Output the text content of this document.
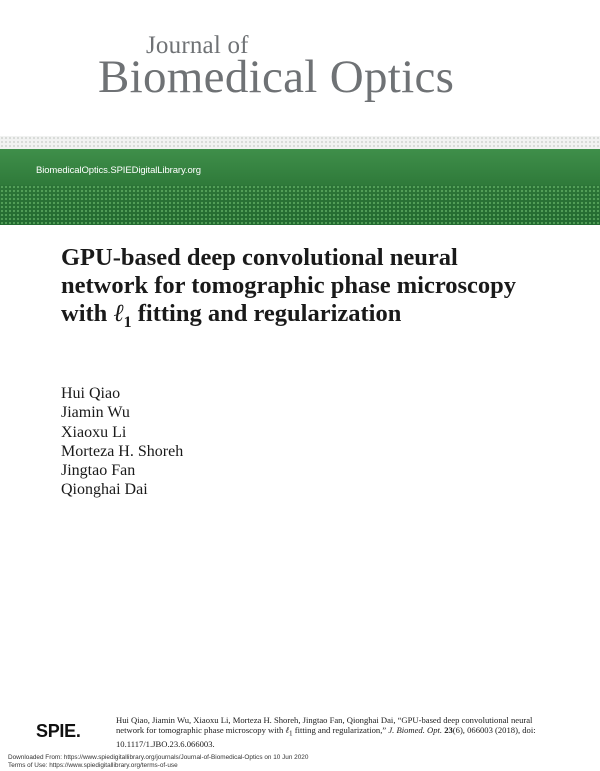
Journal of
Biomedical Optics
BiomedicalOptics.SPIEDigitalLibrary.org
GPU-based deep convolutional neural network for tomographic phase microscopy with ℓ$_1$ fitting and regularization
Hui Qiao
Jiamin Wu
Xiaoxu Li
Morteza H. Shoreh
Jingtao Fan
Qionghai Dai
SPIE.
Hui Qiao, Jiamin Wu, Xiaoxu Li, Morteza H. Shoreh, Jingtao Fan, Qionghai Dai, “GPU-based deep convolutional neural network for tomographic phase microscopy with ℓ$_1$ fitting and regularization,” J. Biomed. Opt. 23(6), 066003 (2018), doi: 10.1117/1.JBO.23.6.066003.
Downloaded From: https://www.spiedigitallibrary.org/journals/Journal-of-Biomedical-Optics on 10 Jun 2020
Terms of Use: https://www.spiedigitallibrary.org/terms-of-use
